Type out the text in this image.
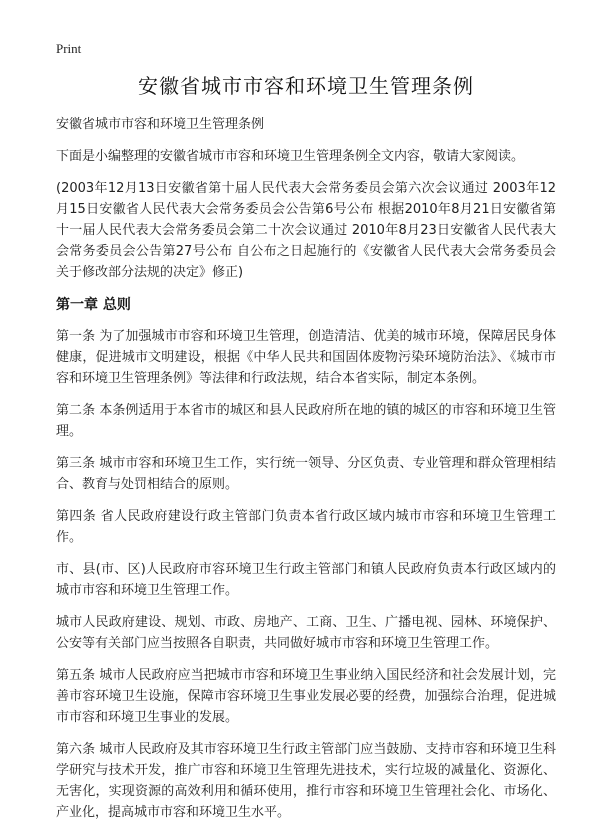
Print
安徽省城市市容和环境卫生管理条例

安徽省城市市容和环境卫生管理条例

下面是小编整理的安徽省城市市容和环境卫生管理条例全文内容，敬请大家阅读。

(2003年12月13日安徽省第十届人民代表大会常务委员会第六次会议通过 2003年12月15日安徽省人民代表大会常务委员会公告第6号公布 根据2010年8月21日安徽省第十一届人民代表大会常务委员会第二十次会议通过 2010年8月23日安徽省人民代表大会常务委员会公告第27号公布 自公布之日起施行的《安徽省人民代表大会常务委员会关于修改部分法规的决定》修正)

第一章 总则

第一条 为了加强城市市容和环境卫生管理，创造清洁、优美的城市环境，保障居民身体健康，促进城市文明建设，根据《中华人民共和国固体废物污染环境防治法》、《城市市容和环境卫生管理条例》等法律和行政法规，结合本省实际，制定本条例。

第二条 本条例适用于本省市的城区和县人民政府所在地的镇的城区的市容和环境卫生管理。

第三条 城市市容和环境卫生工作，实行统一领导、分区负责、专业管理和群众管理相结合、教育与处罚相结合的原则。

第四条 省人民政府建设行政主管部门负责本省行政区域内城市市容和环境卫生管理工作。

市、县(市、区)人民政府市容环境卫生行政主管部门和镇人民政府负责本行政区域内的城市市容和环境卫生管理工作。

城市人民政府建设、规划、市政、房地产、工商、卫生、广播电视、园林、环境保护、公安等有关部门应当按照各自职责，共同做好城市市容和环境卫生管理工作。

第五条 城市人民政府应当把城市市容和环境卫生事业纳入国民经济和社会发展计划，完善市容环境卫生设施，保障市容环境卫生事业发展必要的经费，加强综合治理，促进城市市容和环境卫生事业的发展。

第六条 城市人民政府及其市容环境卫生行政主管部门应当鼓励、支持市容和环境卫生科学研究与技术开发，推广市容和环境卫生管理先进技术，实行垃圾的减量化、资源化、无害化，实现资源的高效利用和循环使用，推行市容和环境卫生管理社会化、市场化、产业化，提高城市市容和环境卫生水平。
